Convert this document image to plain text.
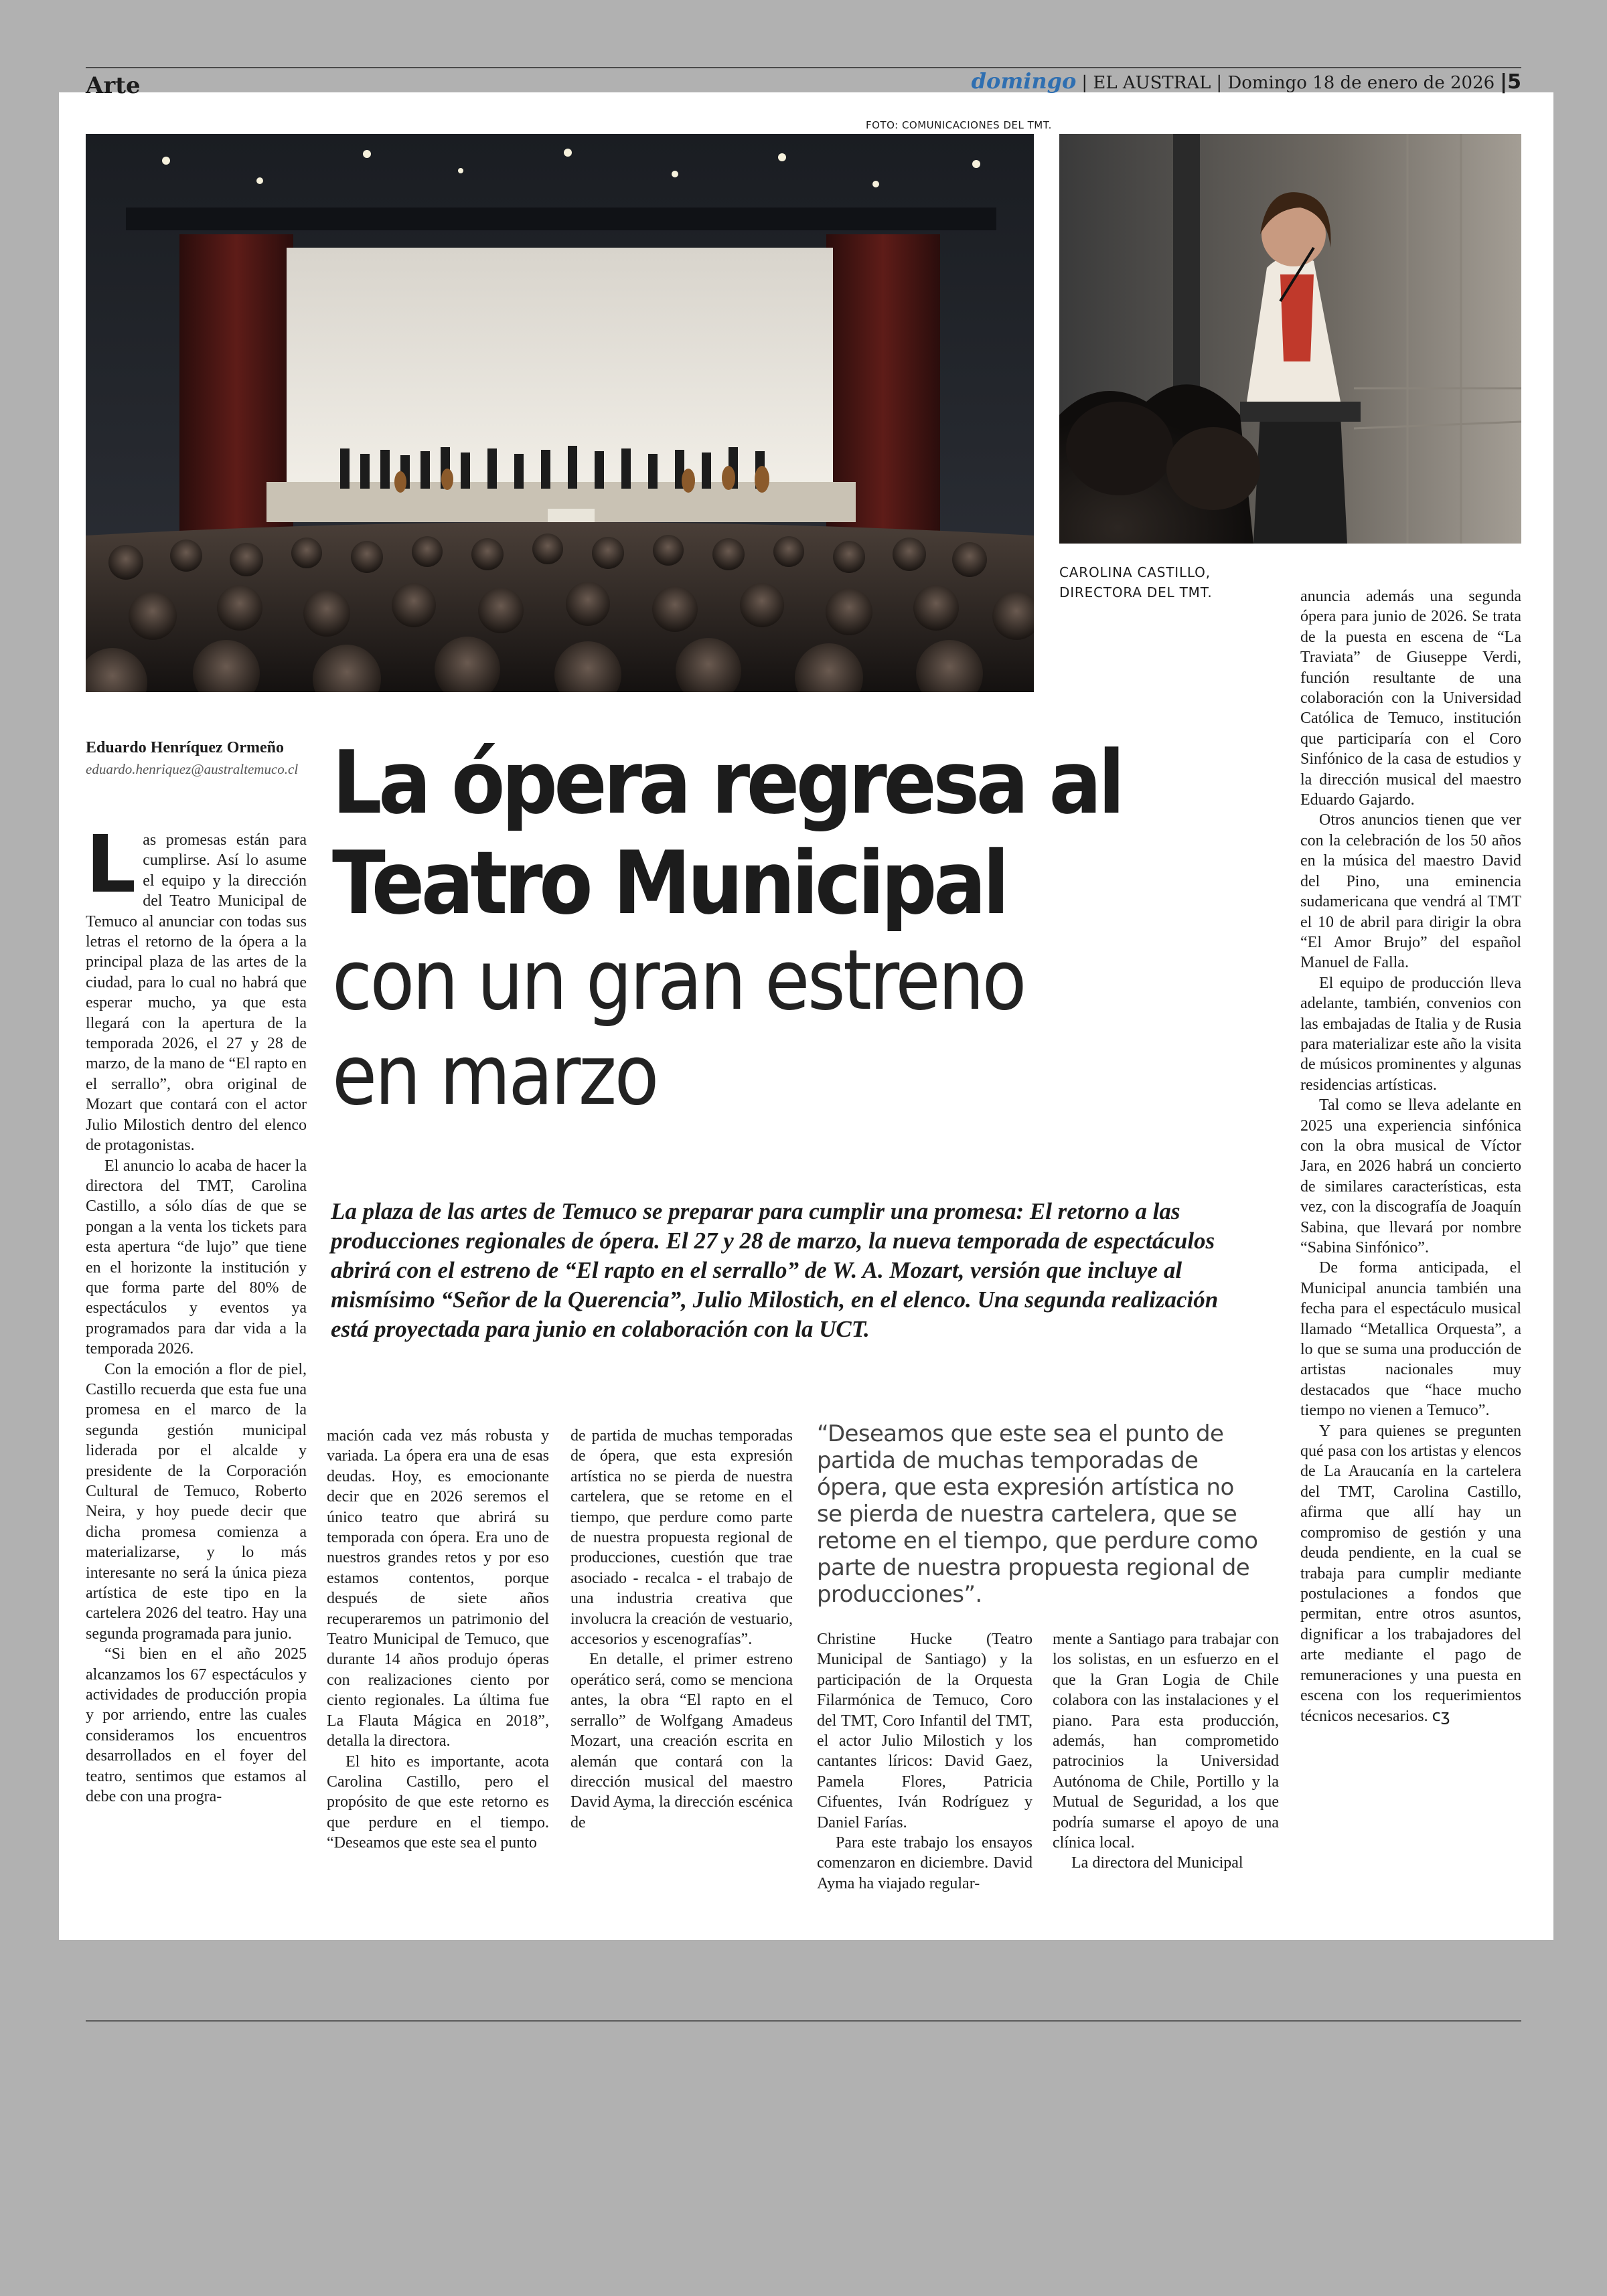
Arte	domingo | EL AUSTRAL | Domingo 18 de enero de 2026 |5
FOTO: COMUNICACIONES DEL TMT.
CAROLINA CASTILLO,
DIRECTORA DEL TMT.
Eduardo Henríquez Ormeño
eduardo.henriquez@australtemuco.cl La ópera regresa al
Teatro Municipal
con un gran estreno
en marzo
La plaza de las artes de Temuco se preparar para cumplir una promesa: El retorno a las producciones regionales de ópera. El 27 y 28 de marzo, la nueva temporada de espectáculos abrirá con el estreno de “El rapto en el serrallo” de W. A. Mozart, versión que incluye al mismísimo “Señor de la Querencia”, Julio Milostich, en el elenco. Una segunda realización está proyectada para junio en colaboración con la UCT.

Las promesas están para cumplirse. Así lo asume el equipo y la dirección del Teatro Municipal de Temuco al anunciar con todas sus letras el retorno de la ópera a la principal plaza de las artes de la ciudad, para lo cual no habrá que esperar mucho, ya que esta llegará con la apertura de la temporada 2026, el 27 y 28 de marzo, de la mano de “El rapto en el serrallo”, obra original de Mozart que contará con el actor Julio Milostich dentro del elenco de protagonistas.

El anuncio lo acaba de hacer la directora del TMT, Carolina Castillo, a sólo días de que se pongan a la venta los tickets para esta apertura “de lujo” que tiene en el horizonte la institución y que forma parte del 80% de espectáculos y eventos ya programados para dar vida a la temporada 2026.

Con la emoción a flor de piel, Castillo recuerda que esta fue una promesa en el marco de la segunda gestión municipal liderada por el alcalde y presidente de la Corporación Cultural de Temuco, Roberto Neira, y hoy puede decir que dicha promesa comienza a materializarse, y lo más interesante no será la única pieza artística de este tipo en la cartelera 2026 del teatro. Hay una segunda programada para junio.

“Si bien en el año 2025 alcanzamos los 67 espectáculos y actividades de producción propia y por arriendo, entre las cuales consideramos los encuentros desarrollados en el foyer del teatro, sentimos que estamos al debe con una progra-

mación cada vez más robusta y variada. La ópera era una de esas deudas. Hoy, es emocionante decir que en 2026 seremos el único teatro que abrirá su temporada con ópera. Era uno de nuestros grandes retos y por eso estamos contentos, porque después de siete años recuperaremos un patrimonio del Teatro Municipal de Temuco, que durante 14 años produjo óperas con realizaciones ciento por ciento regionales. La última fue La Flauta Mágica en 2018”, detalla la directora.

El hito es importante, acota Carolina Castillo, pero el propósito de que este retorno es que perdure en el tiempo. “Deseamos que este sea el punto

de partida de muchas temporadas de ópera, que esta expresión artística no se pierda de nuestra cartelera, que se retome en el tiempo, que perdure como parte de nuestra propuesta regional de producciones, cuestión que trae asociado - recalca - el trabajo de una industria creativa que involucra la creación de vestuario, accesorios y escenografías”.

En detalle, el primer estreno operático será, como se menciona antes, la obra “El rapto en el serrallo” de Wolfgang Amadeus Mozart, una creación escrita en alemán que contará con la dirección musical del maestro David Ayma, la dirección escénica de

“Deseamos que este sea el punto de partida de muchas temporadas de ópera, que esta expresión artística no se pierda de nuestra cartelera, que se retome en el tiempo, que perdure como parte de nuestra propuesta regional de producciones”.

Christine Hucke (Teatro Municipal de Santiago) y la participación de la Orquesta Filarmónica de Temuco, Coro del TMT, Coro Infantil del TMT, el actor Julio Milostich y los cantantes líricos: David Gaez, Pamela Flores, Patricia Cifuentes, Iván Rodríguez y Daniel Farías.

Para este trabajo los ensayos comenzaron en diciembre. David Ayma ha viajado regular-

mente a Santiago para trabajar con los solistas, en un esfuerzo en el que la Gran Logia de Chile colabora con las instalaciones y el piano. Para esta producción, además, han comprometido patrocinios la Universidad Autónoma de Chile, Portillo y la Mutual de Seguridad, a los que podría sumarse el apoyo de una clínica local.

La directora del Municipal

anuncia además una segunda ópera para junio de 2026. Se trata de la puesta en escena de “La Traviata” de Giuseppe Verdi, función resultante de una colaboración con la Universidad Católica de Temuco, institución que participaría con el Coro Sinfónico de la casa de estudios y la dirección musical del maestro Eduardo Gajardo.

Otros anuncios tienen que ver con la celebración de los 50 años en la música del maestro David del Pino, una eminencia sudamericana que vendrá al TMT el 10 de abril para dirigir la obra “El Amor Brujo” del español Manuel de Falla.

El equipo de producción lleva adelante, también, convenios con las embajadas de Italia y de Rusia para materializar este año la visita de músicos prominentes y algunas residencias artísticas.

Tal como se lleva adelante en 2025 una experiencia sinfónica con la obra musical de Víctor Jara, en 2026 habrá un concierto de similares características, esta vez, con la discografía de Joaquín Sabina, que llevará por nombre “Sabina Sinfónico”.

De forma anticipada, el Municipal anuncia también una fecha para el espectáculo musical llamado “Metallica Orquesta”, a lo que se suma una producción de artistas nacionales muy destacados que “hace mucho tiempo no vienen a Temuco”.

Y para quienes se pregunten qué pasa con los artistas y elencos de La Araucanía en la cartelera del TMT, Carolina Castillo, afirma que allí hay un compromiso de gestión y una deuda pendiente, en la cual se trabaja para cumplir mediante postulaciones a fondos que permitan, entre otros asuntos, dignificar a los trabajadores del arte mediante el pago de remuneraciones y una puesta en escena con los requerimientos técnicos necesarios. ᴄʒ
